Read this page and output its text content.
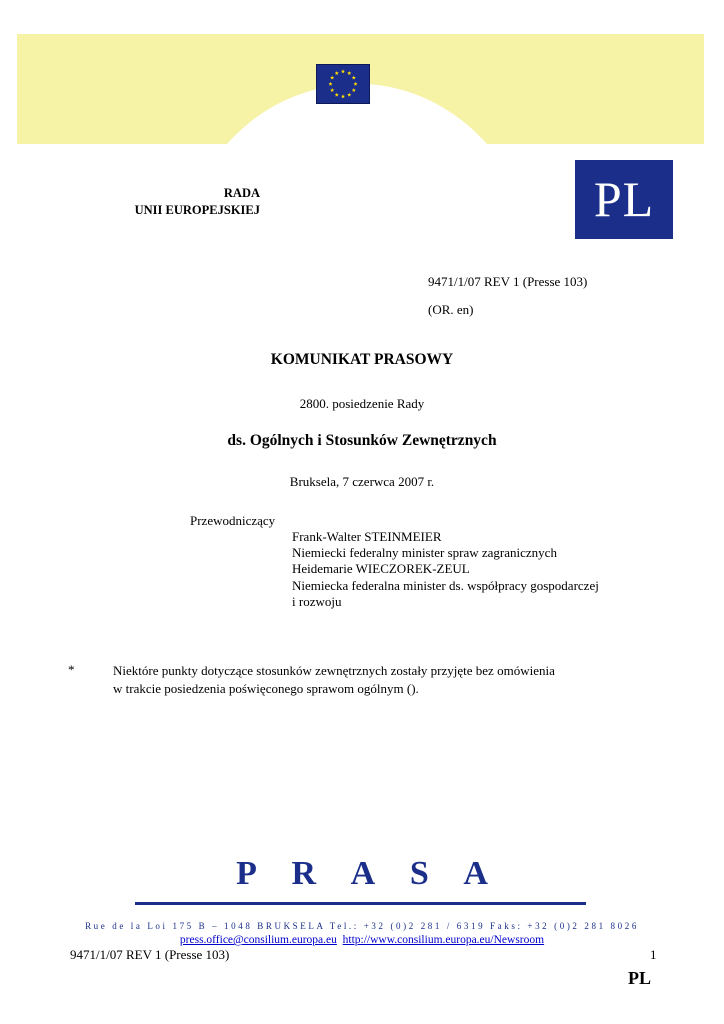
RADA
UNII EUROPEJSKIEJ	PL
9471/1/07 REV 1 (Presse 103)
(OR. en)
KOMUNIKAT PRASOWY
2800. posiedzenie Rady
ds. Ogólnych i Stosunków Zewnętrznych
Bruksela, 7 czerwca 2007 r.
Przewodniczący
Frank-Walter STEINMEIER
Niemiecki federalny minister spraw zagranicznych
Heidemarie WIECZOREK-ZEUL
Niemiecka federalna minister ds. współpracy gospodarczej
i rozwoju
*	Niektóre punkty dotyczące stosunków zewnętrznych zostały przyjęte bez omówienia
w trakcie posiedzenia poświęconego sprawom ogólnym ().
P R A S A
Rue de la Loi 175 B – 1048 BRUKSELA Tel.: +32 (0)2 281 / 6319 Faks: +32 (0)2 281 8026
press.office@consilium.europa.eu http://www.consilium.europa.eu/Newsroom
9471/1/07 REV 1 (Presse 103)	1
PL
